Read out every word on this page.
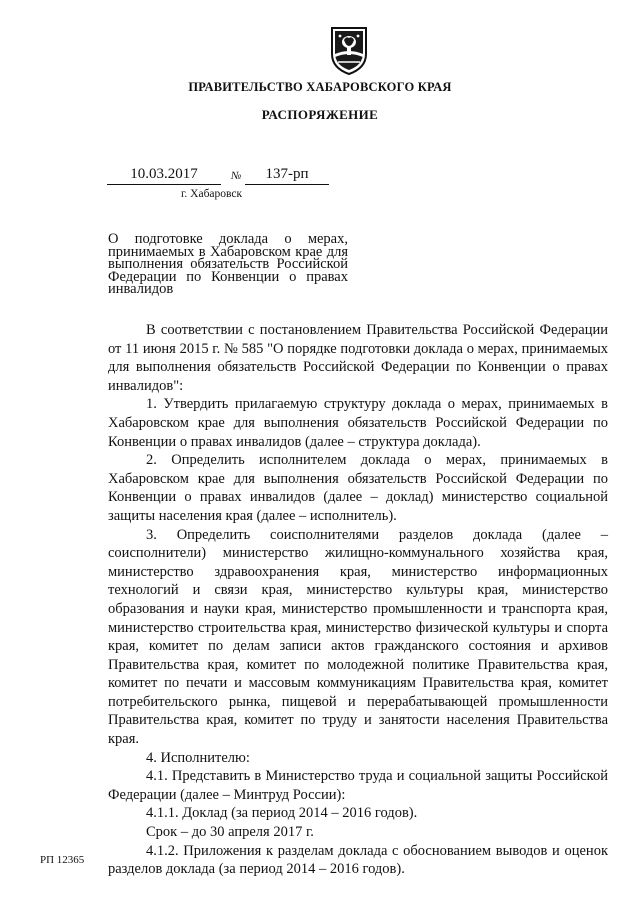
ПРАВИТЕЛЬСТВО ХАБАРОВСКОГО КРАЯ
РАСПОРЯЖЕНИЕ
10.03.2017	№	137-рп
г. Хабаровск
О подготовке доклада о мерах, принимаемых в Хабаровском крае для выполнения обязательств Российской Федерации по Конвенции о правах инвалидов

В соответствии с постановлением Правительства Российской Федерации от 11 июня 2015 г. № 585 "О порядке подготовки доклада о мерах, принимаемых для выполнения обязательств Российской Федерации по Конвенции о правах инвалидов":

1. Утвердить прилагаемую структуру доклада о мерах, принимаемых в Хабаровском крае для выполнения обязательств Российской Федерации по Конвенции о правах инвалидов (далее – структура доклада).

2. Определить исполнителем доклада о мерах, принимаемых в Хабаровском крае для выполнения обязательств Российской Федерации по Конвенции о правах инвалидов (далее – доклад) министерство социальной защиты населения края (далее – исполнитель).

3. Определить соисполнителями разделов доклада (далее – соисполнители) министерство жилищно-коммунального хозяйства края, министерство здравоохранения края, министерство информационных технологий и связи края, министерство культуры края, министерство образования и науки края, министерство промышленности и транспорта края, министерство строительства края, министерство физической культуры и спорта края, комитет по делам записи актов гражданского состояния и архивов Правительства края, комитет по молодежной политике Правительства края, комитет по печати и массовым коммуникациям Правительства края, комитет потребительского рынка, пищевой и перерабатывающей промышленности Правительства края, комитет по труду и занятости населения Правительства края.

4. Исполнителю:

4.1. Представить в Министерство труда и социальной защиты Российской Федерации (далее – Минтруд России):

4.1.1. Доклад (за период 2014 – 2016 годов).

Срок – до 30 апреля 2017 г.

4.1.2. Приложения к разделам доклада с обоснованием выводов и оценок разделов доклада (за период 2014 – 2016 годов).

РП 12365
